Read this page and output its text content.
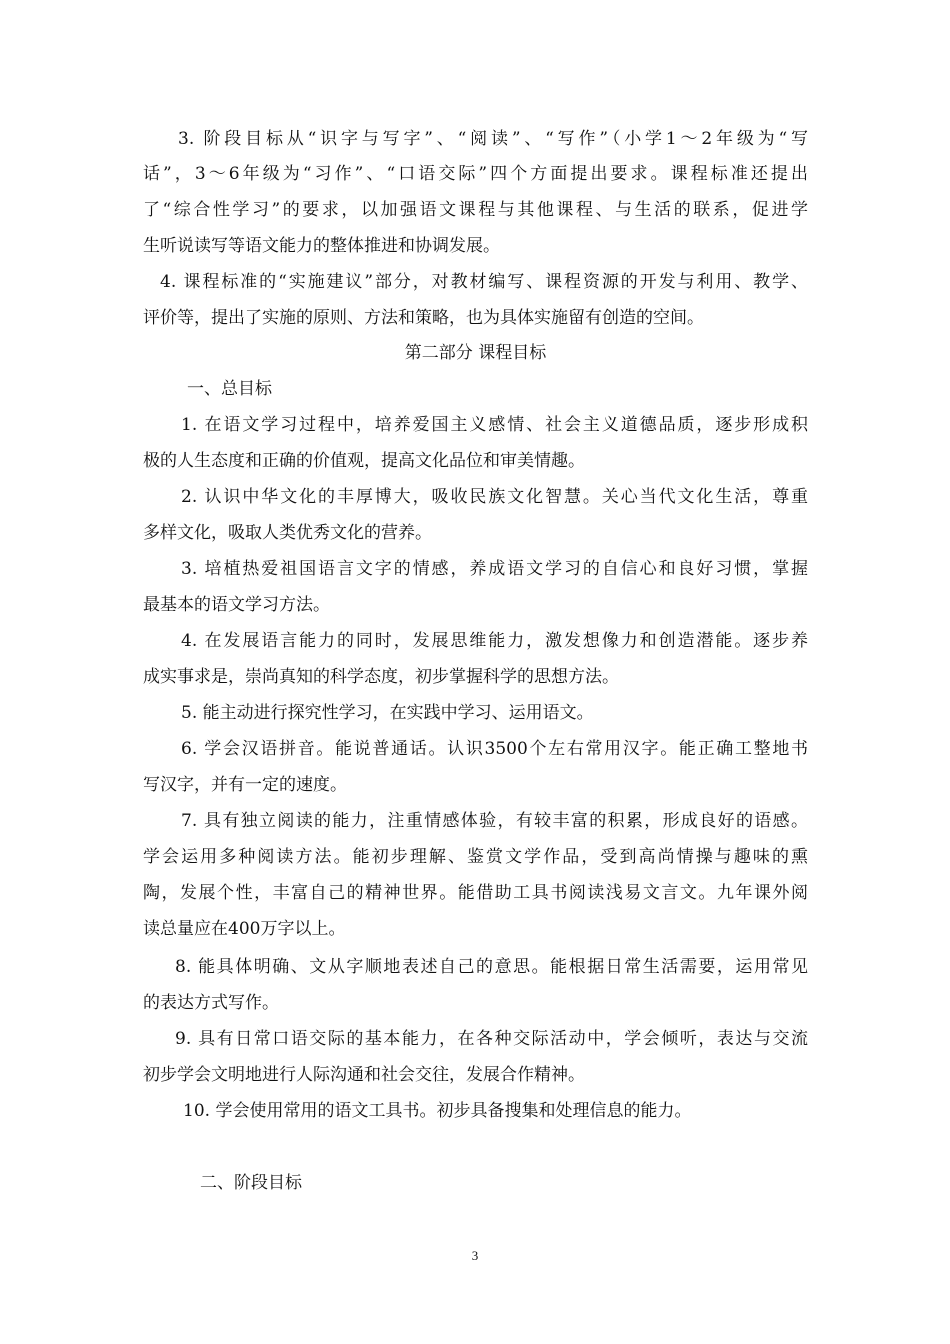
3. 阶段目标从“识字与写字”、“阅读”、“写作”（小学1～2年级为“写
话”，3～6年级为“习作”、“口语交际”四个方面提出要求。课程标准还提出
了“综合性学习”的要求，以加强语文课程与其他课程、与生活的联系，促进学
生听说读写等语文能力的整体推进和协调发展。
4. 课程标准的“实施建议”部分，对教材编写、课程资源的开发与利用、教学、
评价等，提出了实施的原则、方法和策略，也为具体实施留有创造的空间。
第二部分 课程目标
一、总目标
1. 在语文学习过程中，培养爱国主义感情、社会主义道德品质，逐步形成积
极的人生态度和正确的价值观，提高文化品位和审美情趣。
2. 认识中华文化的丰厚博大，吸收民族文化智慧。关心当代文化生活，尊重
多样文化，吸取人类优秀文化的营养。
3. 培植热爱祖国语言文字的情感，养成语文学习的自信心和良好习惯，掌握
最基本的语文学习方法。
4. 在发展语言能力的同时，发展思维能力，激发想像力和创造潜能。逐步养
成实事求是，崇尚真知的科学态度，初步掌握科学的思想方法。
5. 能主动进行探究性学习，在实践中学习、运用语文。
6. 学会汉语拼音。能说普通话。认识3500个左右常用汉字。能正确工整地书
写汉字，并有一定的速度。
7. 具有独立阅读的能力，注重情感体验，有较丰富的积累，形成良好的语感。
学会运用多种阅读方法。能初步理解、鉴赏文学作品，受到高尚情操与趣味的熏
陶，发展个性，丰富自己的精神世界。能借助工具书阅读浅易文言文。九年课外阅
读总量应在400万字以上。
8. 能具体明确、文从字顺地表述自己的意思。能根据日常生活需要，运用常见
的表达方式写作。
9. 具有日常口语交际的基本能力，在各种交际活动中，学会倾听，表达与交流
初步学会文明地进行人际沟通和社会交往，发展合作精神。
10. 学会使用常用的语文工具书。初步具备搜集和处理信息的能力。
二、阶段目标
3
